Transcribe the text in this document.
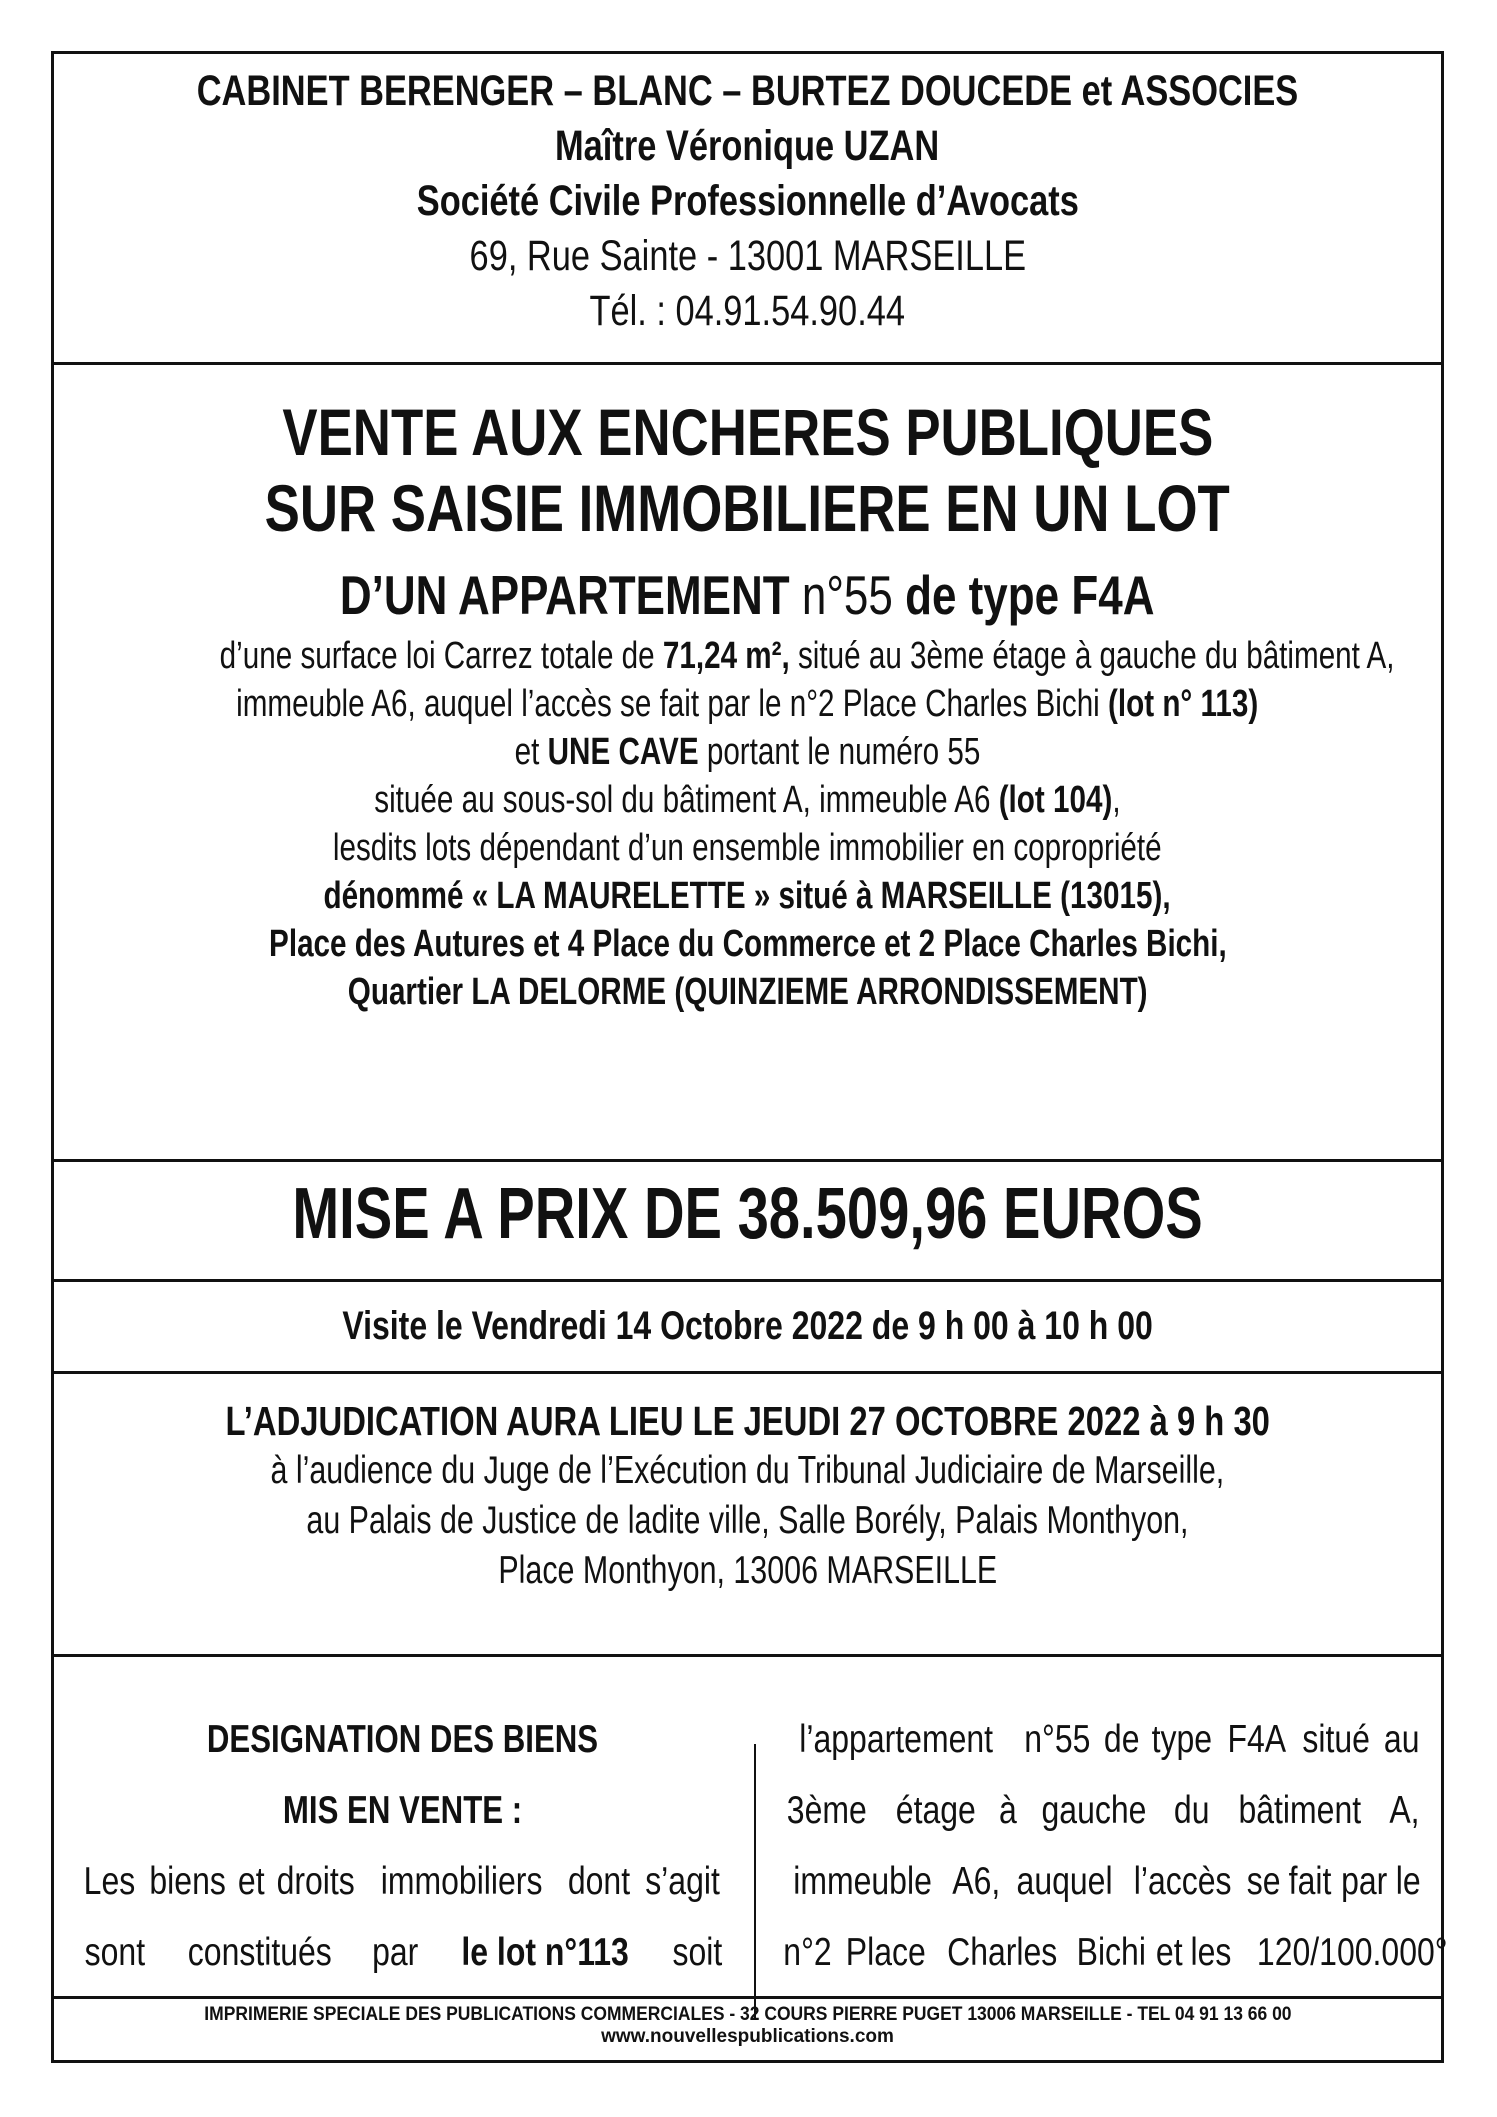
CABINET BERENGER – BLANC – BURTEZ DOUCEDE et ASSOCIES
Maître Véronique UZAN
Société Civile Professionnelle d’Avocats
69, Rue Sainte - 13001 MARSEILLE
Tél. : 04.91.54.90.44
VENTE AUX ENCHERES PUBLIQUES
SUR SAISIE IMMOBILIERE EN UN LOT
D’UN APPARTEMENT n°55 de type F4A
d’une surface loi Carrez totale de 71,24 m², situé au 3ème étage à gauche du bâtiment A,
immeuble A6, auquel l’accès se fait par le n°2 Place Charles Bichi (lot n° 113)
et UNE CAVE portant le numéro 55
située au sous-sol du bâtiment A, immeuble A6 (lot 104),
lesdits lots dépendant d’un ensemble immobilier en copropriété
dénommé « LA MAURELETTE » situé à MARSEILLE (13015),
Place des Autures et 4 Place du Commerce et 2 Place Charles Bichi,
Quartier LA DELORME (QUINZIEME ARRONDISSEMENT)
MISE A PRIX DE 38.509,96 EUROS
Visite le Vendredi 14 Octobre 2022 de 9 h 00 à 10 h 00
L’ADJUDICATION AURA LIEU LE JEUDI 27 OCTOBRE 2022 à 9 h 30
à l’audience du Juge de l’Exécution du Tribunal Judiciaire de Marseille,
au Palais de Justice de ladite ville, Salle Borély, Palais Monthyon,
Place Monthyon, 13006 MARSEILLE
DESIGNATION DES BIENS
MIS EN VENTE :
Les biens et droits immobiliers dont s’agit
sont constitués par le lot n°113 soit
l’appartement n°55 de type F4A situé au
3ème étage à gauche du bâtiment A,
immeuble A6, auquel l’accès se fait par le
n°2 Place Charles Bichi et les 120/100.000°
IMPRIMERIE SPECIALE DES PUBLICATIONS COMMERCIALES - 32 COURS PIERRE PUGET 13006 MARSEILLE - TEL 04 91 13 66 00
www.nouvellespublications.com
